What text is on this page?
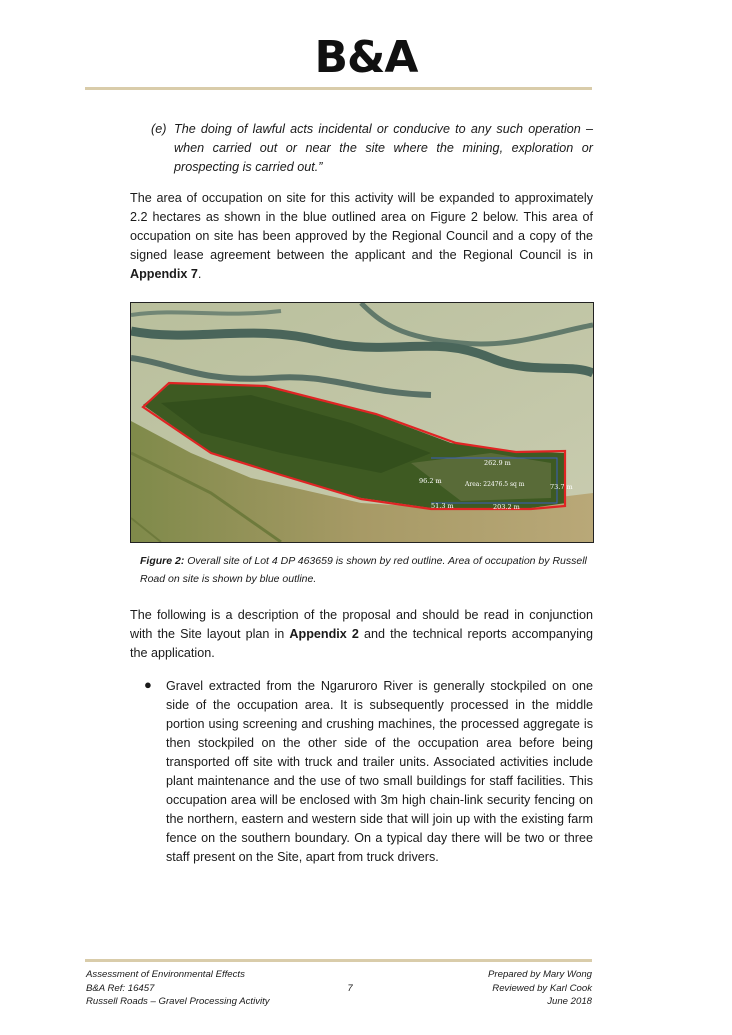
B&A
(e) The doing of lawful acts incidental or conducive to any such operation – when carried out or near the site where the mining, exploration or prospecting is carried out.”
The area of occupation on site for this activity will be expanded to approximately 2.2 hectares as shown in the blue outlined area on Figure 2 below. This area of occupation on site has been approved by the Regional Council and a copy of the signed lease agreement between the applicant and the Regional Council is in Appendix 7.
262.9 m
96.2 m	Area: 22476.5 sq m	73.7 m
51.3 m	203.2 m
Figure 2: Overall site of Lot 4 DP 463659 is shown by red outline. Area of occupation by Russell Road on site is shown by blue outline.
The following is a description of the proposal and should be read in conjunction with the Site layout plan in Appendix 2 and the technical reports accompanying the application.
● Gravel extracted from the Ngaruroro River is generally stockpiled on one side of the occupation area. It is subsequently processed in the middle portion using screening and crushing machines, the processed aggregate is then stockpiled on the other side of the occupation area before being transported off site with truck and trailer units. Associated activities include plant maintenance and the use of two small buildings for staff facilities. This occupation area will be enclosed with 3m high chain-link security fencing on the northern, eastern and western side that will join up with the existing farm fence on the southern boundary. On a typical day there will be two or three staff present on the Site, apart from truck drivers.
Assessment of Environmental Effects
B&A Ref: 16457
Russell Roads – Gravel Processing Activity
7
Prepared by Mary Wong
Reviewed by Karl Cook
June 2018
